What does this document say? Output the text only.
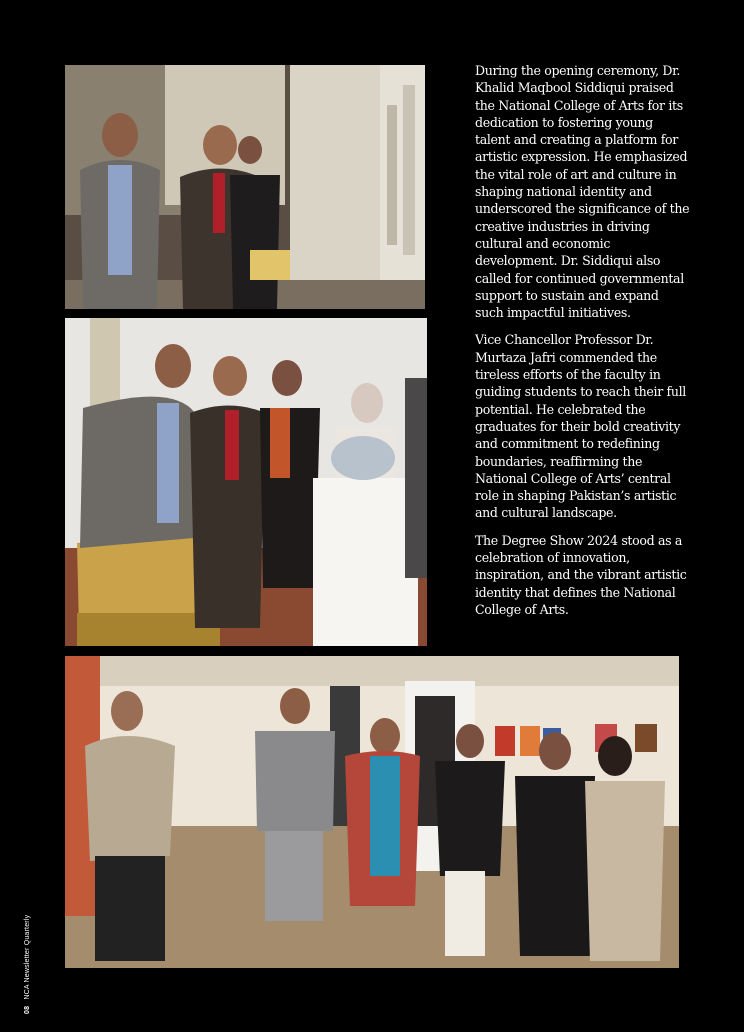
During the opening ceremony, Dr. Khalid Maqbool Siddiqui praised the National College of Arts for its dedication to fostering young talent and creating a platform for artistic expression. He emphasized the vital role of art and culture in shaping national identity and underscored the significance of the creative industries in driving cultural and economic development. Dr. Siddiqui also called for continued governmental support to sustain and expand such impactful initiatives.

Vice Chancellor Professor Dr. Murtaza Jafri commended the tireless efforts of the faculty in guiding students to reach their full potential. He celebrated the graduates for their bold creativity and commitment to redefining boundaries, reaffirming the National College of Arts’ central role in shaping Pakistan’s artistic and cultural landscape.

The Degree Show 2024 stood as a celebration of innovation, inspiration, and the vibrant artistic identity that defines the National College of Arts.

08 NCA Newsletter Quarterly
